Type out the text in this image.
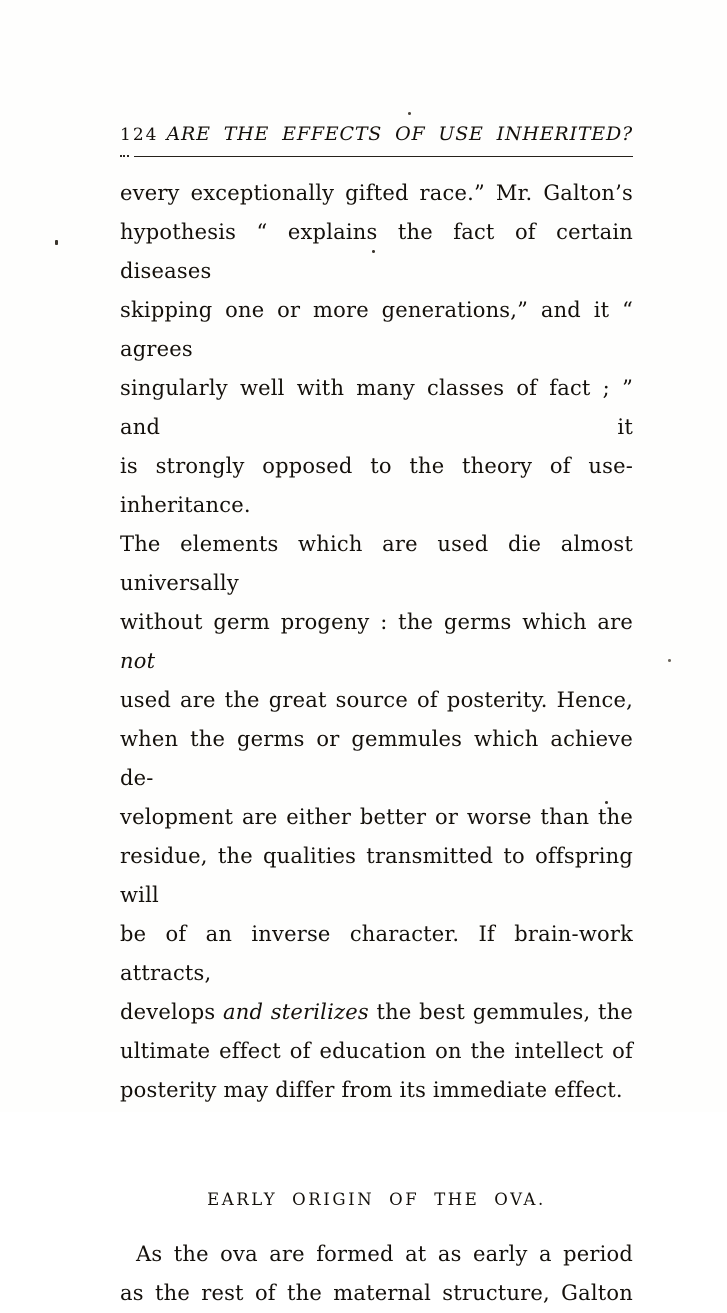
124 ARE THE EFFECTS OF USE INHERITED?
every exceptionally gifted race.” Mr. Galton’s
hypothesis “ explains the fact of certain diseases
skipping one or more generations,” and it “ agrees
singularly well with many classes of fact ; ” and it
is strongly opposed to the theory of use-inheritance.
The elements which are used die almost universally
without germ progeny : the germs which are not
used are the great source of posterity. Hence,
when the germs or gemmules which achieve de-
velopment are either better or worse than the
residue, the qualities transmitted to offspring will
be of an inverse character. If brain-work attracts,
develops and sterilizes the best gemmules, the
ultimate effect of education on the intellect of
posterity may differ from its immediate effect.
EARLY ORIGIN OF THE OVA.
As the ova are formed at as early a period
as the rest of the maternal structure, Galton
